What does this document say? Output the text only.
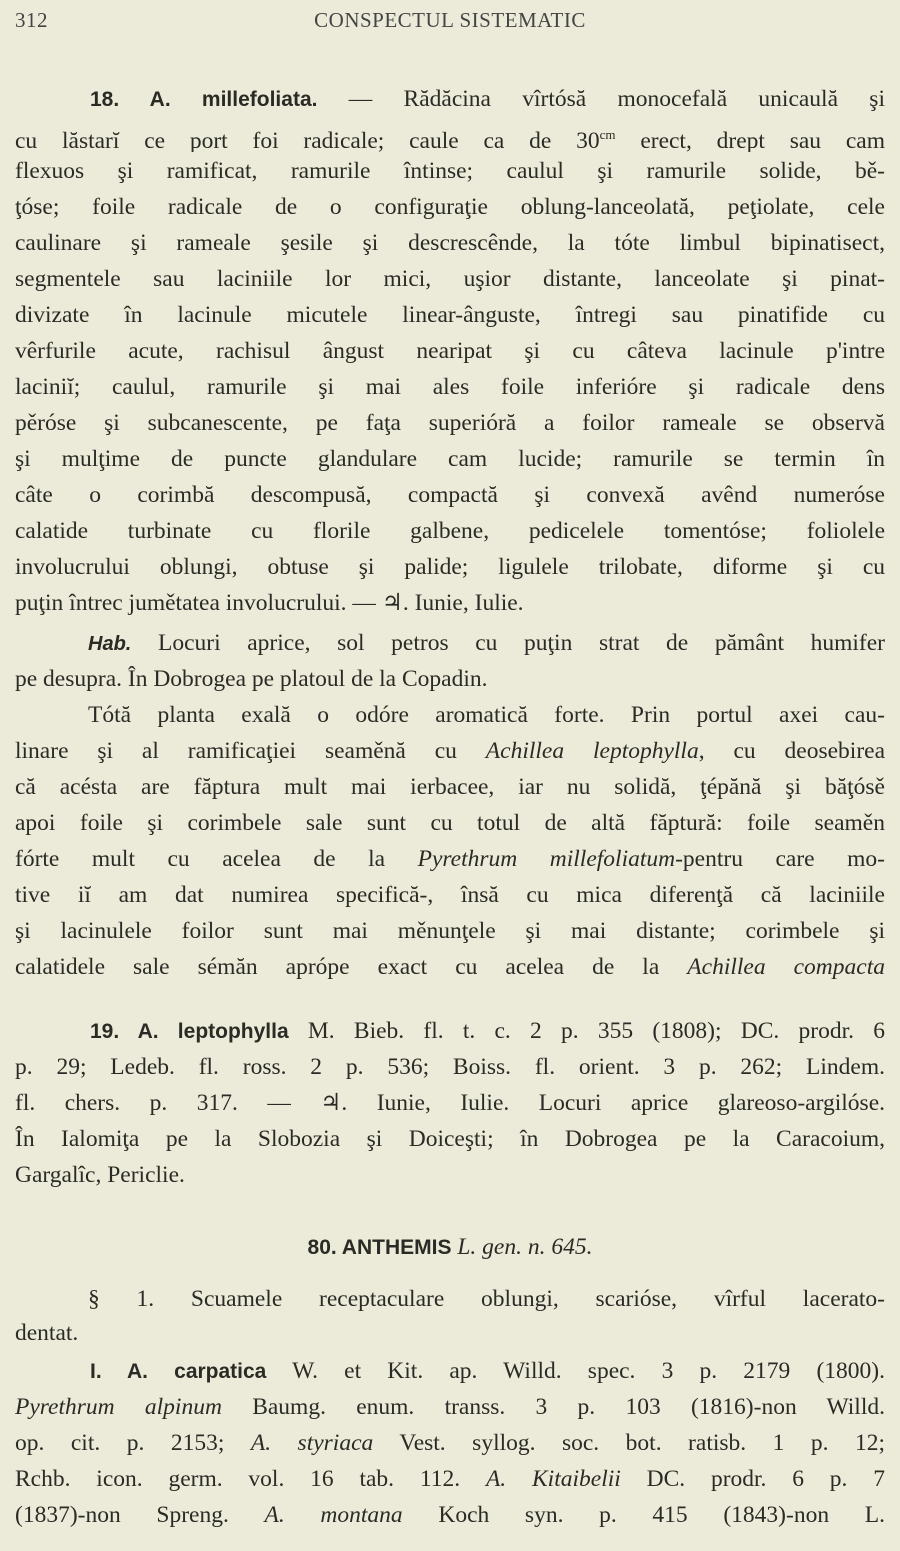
312	CONSPECTUL SISTEMATIC
18. A. millefoliata. — Rădăcina vîrtósă monocefală unicaulă şi
cu lăstarĭ ce port foi radicale; caule ca de $30^{cm}$ erect, drept sau cam
flexuos şi ramificat, ramurile întinse; caulul şi ramurile solide, bě-
ţóse; foile radicale de o configuraţie oblung-lanceolată, peţiolate, cele
caulinare şi rameale şesile şi descrescênde, la tóte limbul bipinatisect,
segmentele sau laciniile lor mici, uşior distante, lanceolate şi pinat-
divizate în lacinule micutele linear-ânguste, întregi sau pinatifide cu
vêrfurile acute, rachisul ângust nearipat şi cu câteva lacinule p'intre
laciniĭ; caulul, ramurile şi mai ales foile inferióre şi radicale dens
pěróse şi subcanescente, pe faţa superióră a foilor rameale se observă
şi mulţime de puncte glandulare cam lucide; ramurile se termin în
câte o corimbă descompusă, compactă şi convexă avênd numeróse
calatide turbinate cu florile galbene, pedicelele tomentóse; foliolele
involucrului oblungi, obtuse şi palide; ligulele trilobate, diforme şi cu
puţin întrec jumětatea involucrului. — ♃. Iunie, Iulie.
Hab. Locuri aprice, sol petros cu puţin strat de pământ humifer
pe desupra. În Dobrogea pe platoul de la Copadin.
Tótă planta exală o odóre aromatică forte. Prin portul axei cau-
linare şi al ramificaţiei seaměnă cu Achillea leptophylla, cu deosebirea
că acésta are făptura mult mai ierbacee, iar nu solidă, ţépănă şi băţósě
apoi foile şi corimbele sale sunt cu totul de altă făptură: foile seaměn
fórte mult cu acelea de la Pyrethrum millefoliatum-pentru care mo-
tive iĭ am dat numirea specifică-, însă cu mica diferenţă că laciniile
şi lacinulele foilor sunt mai měnunţele şi mai distante; corimbele şi
calatidele sale sémăn aprópe exact cu acelea de la Achillea compacta
19. A. leptophylla M. Bieb. fl. t. c. 2 p. 355 (1808); DC. prodr. 6
p. 29; Ledeb. fl. ross. 2 p. 536; Boiss. fl. orient. 3 p. 262; Lindem.
fl. chers. p. 317. — ♃. Iunie, Iulie. Locuri aprice glareoso-argilóse.
În Ialomiţa pe la Slobozia şi Doiceşti; în Dobrogea pe la Caracoium,
Gargalîc, Periclie.
80. ANTHEMIS L. gen. n. 645.
§ 1. Scuamele receptaculare oblungi, scarióse, vîrful lacerato-
dentat.
I. A. carpatica W. et Kit. ap. Willd. spec. 3 p. 2179 (1800).
Pyrethrum alpinum Baumg. enum. transs. 3 p. 103 (1816)-non Willd.
op. cit. p. 2153; A. styriaca Vest. syllog. soc. bot. ratisb. 1 p. 12;
Rchb. icon. germ. vol. 16 tab. 112. A. Kitaibelii DC. prodr. 6 p. 7
(1837)-non Spreng. A. montana Koch syn. p. 415 (1843)-non L.
